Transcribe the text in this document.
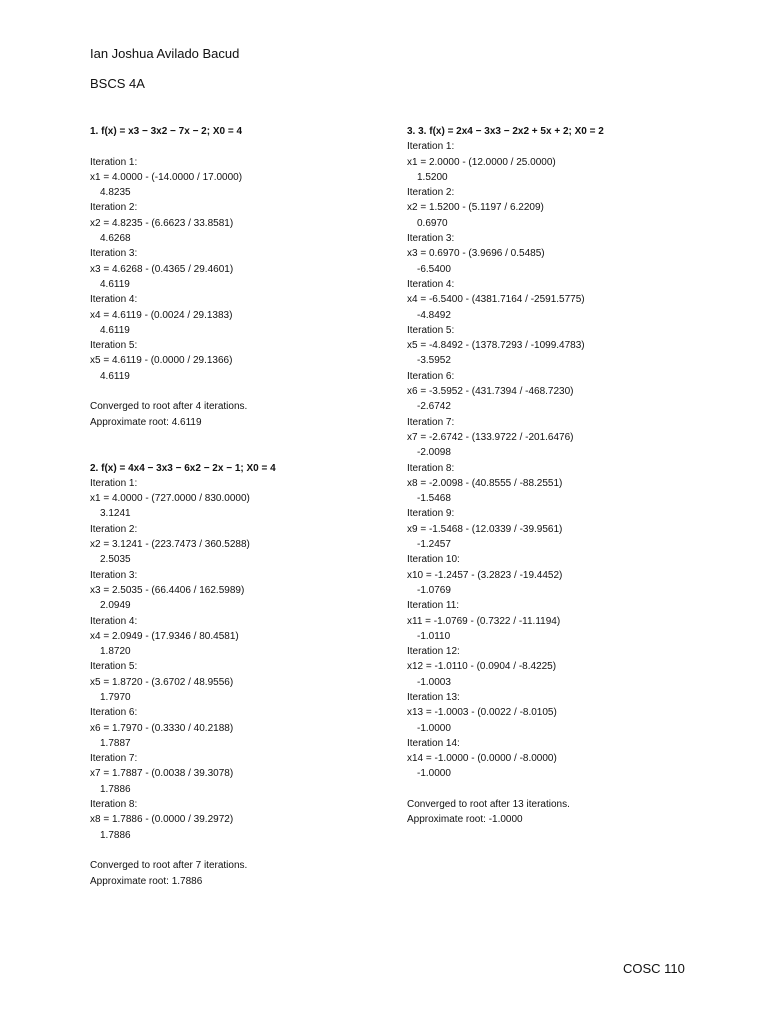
Ian Joshua Avilado Bacud
BSCS 4A
1. f(x) = x3 − 3x2 − 7x − 2; X0 = 4
Iteration 1:
x1 = 4.0000 - (-14.0000 / 17.0000)
4.8235
Iteration 2:
x2 = 4.8235 - (6.6623 / 33.8581)
4.6268
Iteration 3:
x3 = 4.6268 - (0.4365 / 29.4601)
4.6119
Iteration 4:
x4 = 4.6119 - (0.0024 / 29.1383)
4.6119
Iteration 5:
x5 = 4.6119 - (0.0000 / 29.1366)
4.6119
Converged to root after 4 iterations.
Approximate root: 4.6119
2. f(x) = 4x4 − 3x3 − 6x2 − 2x − 1; X0 = 4
Iteration 1:
x1 = 4.0000 - (727.0000 / 830.0000)
3.1241
Iteration 2:
x2 = 3.1241 - (223.7473 / 360.5288)
2.5035
Iteration 3:
x3 = 2.5035 - (66.4406 / 162.5989)
2.0949
Iteration 4:
x4 = 2.0949 - (17.9346 / 80.4581)
1.8720
Iteration 5:
x5 = 1.8720 - (3.6702 / 48.9556)
1.7970
Iteration 6:
x6 = 1.7970 - (0.3330 / 40.2188)
1.7887
Iteration 7:
x7 = 1.7887 - (0.0038 / 39.3078)
1.7886
Iteration 8:
x8 = 1.7886 - (0.0000 / 39.2972)
1.7886
Converged to root after 7 iterations.
Approximate root: 1.7886
3. 3. f(x) = 2x4 − 3x3 − 2x2 + 5x + 2; X0 = 2
Iteration 1:
x1 = 2.0000 - (12.0000 / 25.0000)
1.5200
Iteration 2:
x2 = 1.5200 - (5.1197 / 6.2209)
0.6970
Iteration 3:
x3 = 0.6970 - (3.9696 / 0.5485)
-6.5400
Iteration 4:
x4 = -6.5400 - (4381.7164 / -2591.5775)
-4.8492
Iteration 5:
x5 = -4.8492 - (1378.7293 / -1099.4783)
-3.5952
Iteration 6:
x6 = -3.5952 - (431.7394 / -468.7230)
-2.6742
Iteration 7:
x7 = -2.6742 - (133.9722 / -201.6476)
-2.0098
Iteration 8:
x8 = -2.0098 - (40.8555 / -88.2551)
-1.5468
Iteration 9:
x9 = -1.5468 - (12.0339 / -39.9561)
-1.2457
Iteration 10:
x10 = -1.2457 - (3.2823 / -19.4452)
-1.0769
Iteration 11:
x11 = -1.0769 - (0.7322 / -11.1194)
-1.0110
Iteration 12:
x12 = -1.0110 - (0.0904 / -8.4225)
-1.0003
Iteration 13:
x13 = -1.0003 - (0.0022 / -8.0105)
-1.0000
Iteration 14:
x14 = -1.0000 - (0.0000 / -8.0000)
-1.0000
Converged to root after 13 iterations.
Approximate root: -1.0000
COSC 110
